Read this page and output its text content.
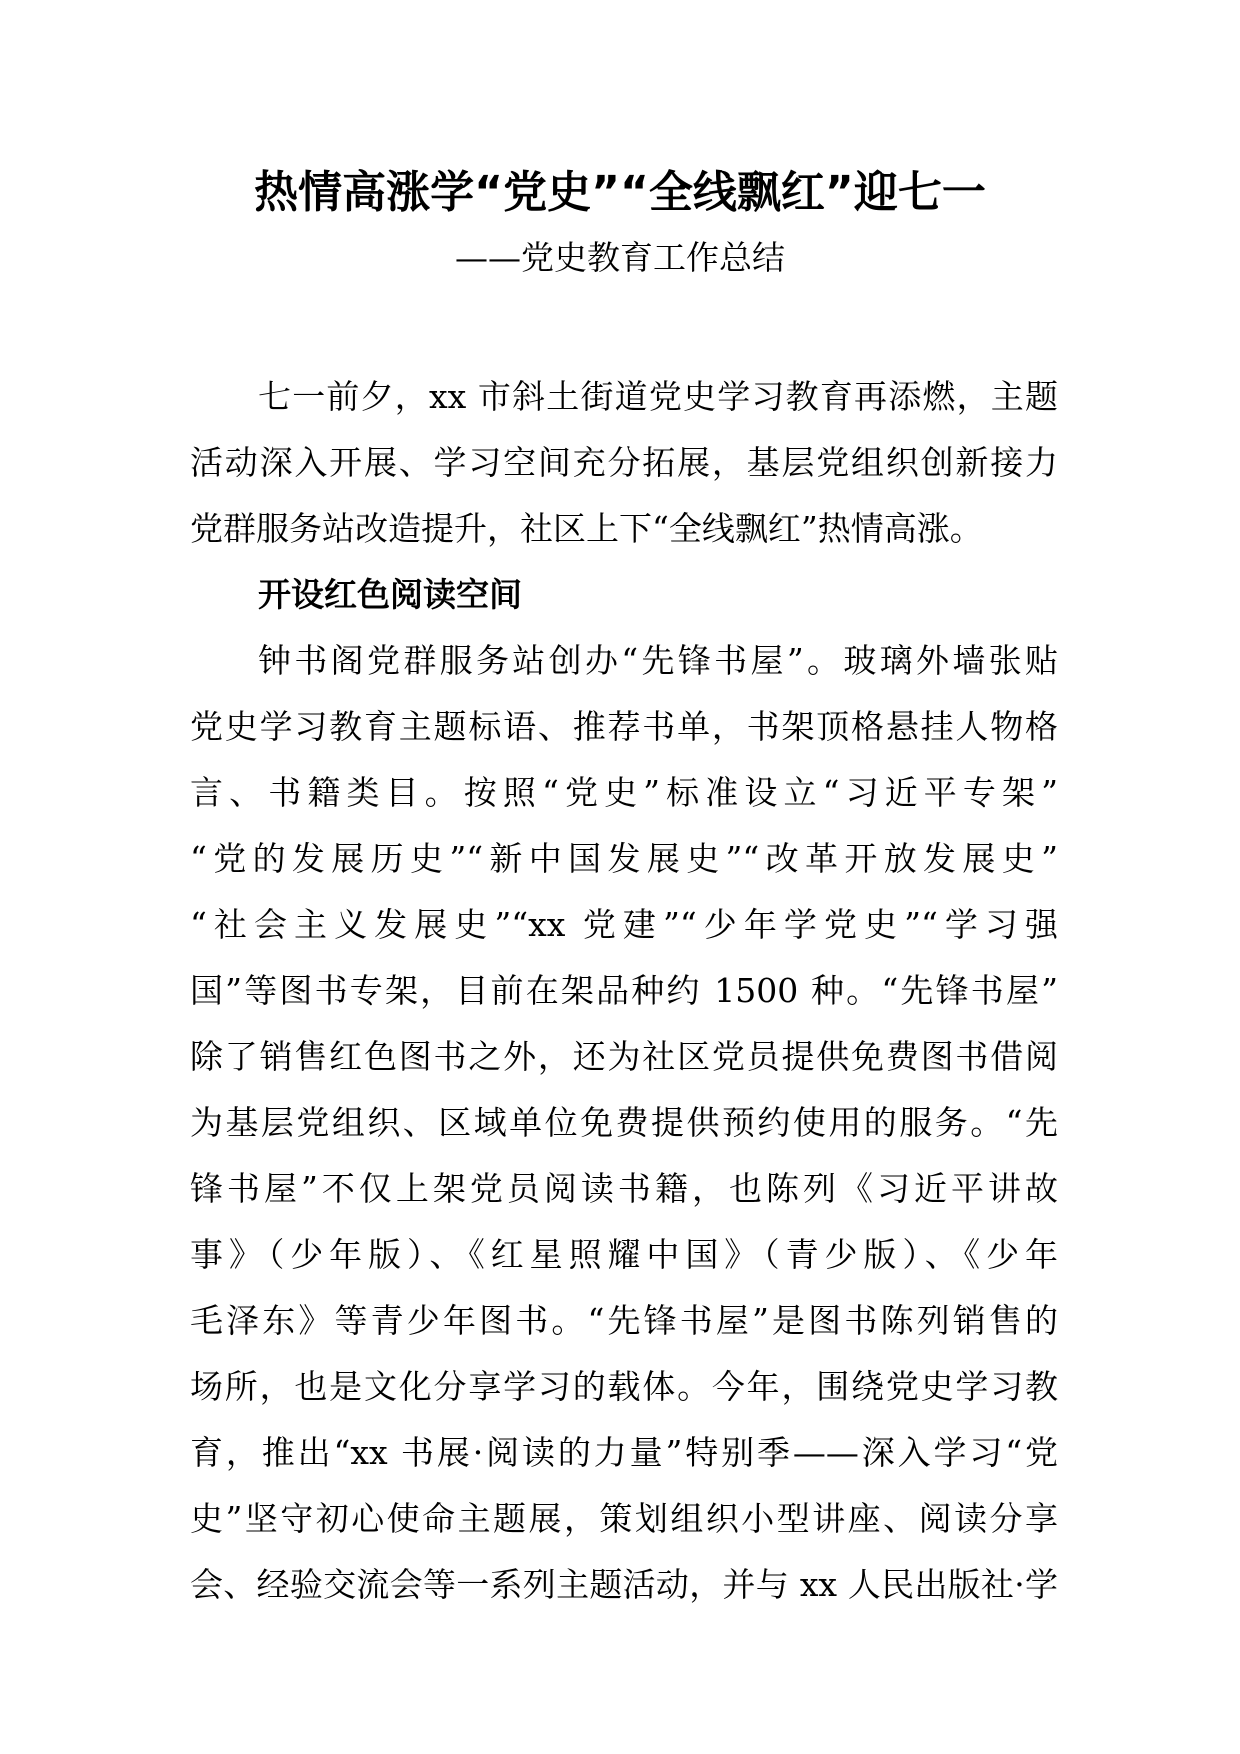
热情高涨学“党史”“全线飘红”迎七一
——党史教育工作总结
七一前夕，xx 市斜土街道党史学习教育再添燃，主题
活动深入开展、学习空间充分拓展，基层党组织创新接力
党群服务站改造提升，社区上下“全线飘红”热情高涨。
开设红色阅读空间
钟书阁党群服务站创办“先锋书屋”。玻璃外墙张贴
党史学习教育主题标语、推荐书单，书架顶格悬挂人物格
言、书籍类目。按照“党史”标准设立“习近平专架”
“党的发展历史”“新中国发展史”“改革开放发展史”
“社会主义发展史”“xx 党建”“少年学党史”“学习强
国”等图书专架，目前在架品种约 1500 种。“先锋书屋”
除了销售红色图书之外，还为社区党员提供免费图书借阅
为基层党组织、区域单位免费提供预约使用的服务。“先
锋书屋”不仅上架党员阅读书籍，也陈列《习近平讲故
事》（少年版）、《红星照耀中国》（青少版）、《少年
毛泽东》等青少年图书。“先锋书屋”是图书陈列销售的
场所，也是文化分享学习的载体。今年，围绕党史学习教
育，推出“xx 书展·阅读的力量”特别季——深入学习“党
史”坚守初心使命主题展，策划组织小型讲座、阅读分享
会、经验交流会等一系列主题活动，并与 xx 人民出版社·学
